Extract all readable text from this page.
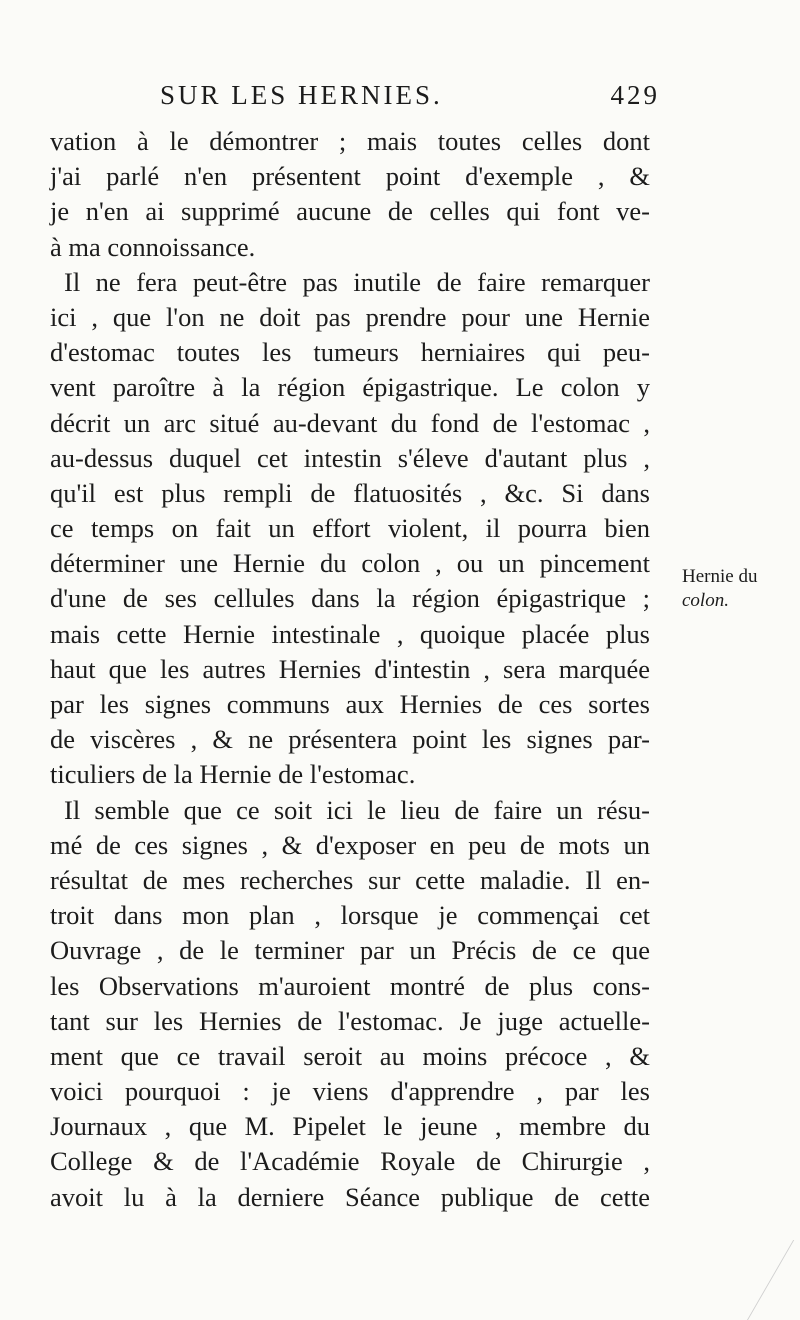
SUR LES HERNIES.	429
vation à le démontrer ; mais toutes celles dont
j'ai parlé n'en présentent point d'exemple , &
je n'en ai supprimé aucune de celles qui font ve-
à ma connoissance.
Il ne fera peut-être pas inutile de faire remarquer
ici , que l'on ne doit pas prendre pour une Hernie
d'estomac toutes les tumeurs herniaires qui peu-
vent paroître à la région épigastrique. Le colon y
décrit un arc situé au-devant du fond de l'estomac ,
au-dessus duquel cet intestin s'éleve d'autant plus ,
qu'il est plus rempli de flatuosités , &c. Si dans
ce temps on fait un effort violent, il pourra bien
déterminer une Hernie du colon , ou un pincement
d'une de ses cellules dans la région épigastrique ;
mais cette Hernie intestinale , quoique placée plus
haut que les autres Hernies d'intestin , sera marquée
par les signes communs aux Hernies de ces sortes
de viscères , & ne présentera point les signes par-
ticuliers de la Hernie de l'estomac.
Il semble que ce soit ici le lieu de faire un résu-
mé de ces signes , & d'exposer en peu de mots un
résultat de mes recherches sur cette maladie. Il en-
troit dans mon plan , lorsque je commençai cet
Ouvrage , de le terminer par un Précis de ce que
les Observations m'auroient montré de plus cons-
tant sur les Hernies de l'estomac. Je juge actuelle-
ment que ce travail seroit au moins précoce , &
voici pourquoi : je viens d'apprendre , par les
Journaux , que M. Pipelet le jeune , membre du
College & de l'Académie Royale de Chirurgie ,
avoit lu à la derniere Séance publique de cette
Hernie du
colon.
